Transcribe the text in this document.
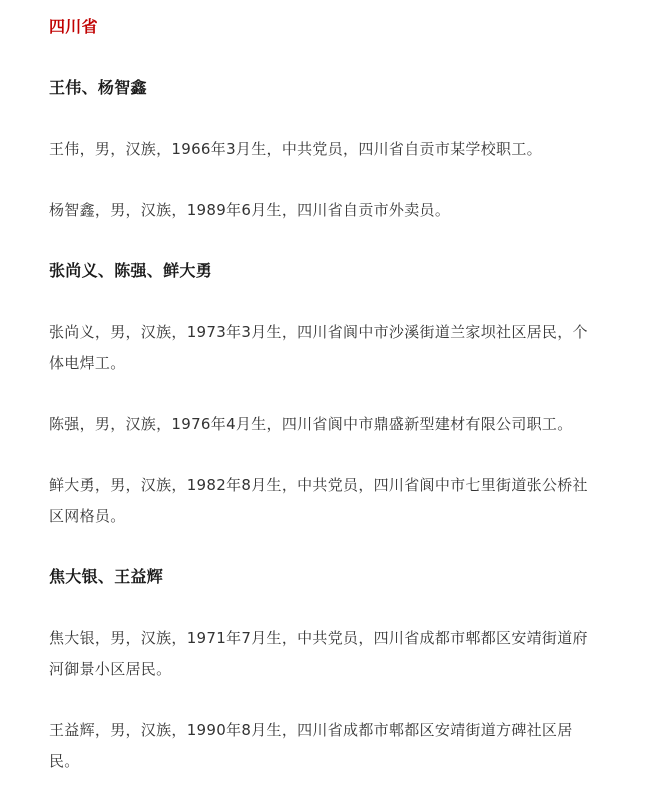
四川省
王伟、杨智鑫
王伟，男，汉族，1966年3月生，中共党员，四川省自贡市某学校职工。
杨智鑫，男，汉族，1989年6月生，四川省自贡市外卖员。
张尚义、陈强、鲜大勇
张尚义，男，汉族，1973年3月生，四川省阆中市沙溪街道兰家坝社区居民，个
体电焊工。
陈强，男，汉族，1976年4月生，四川省阆中市鼎盛新型建材有限公司职工。
鲜大勇，男，汉族，1982年8月生，中共党员，四川省阆中市七里街道张公桥社
区网格员。
焦大银、王益辉
焦大银，男，汉族，1971年7月生，中共党员，四川省成都市郫都区安靖街道府
河御景小区居民。
王益辉，男，汉族，1990年8月生，四川省成都市郫都区安靖街道方碑社区居
民。
